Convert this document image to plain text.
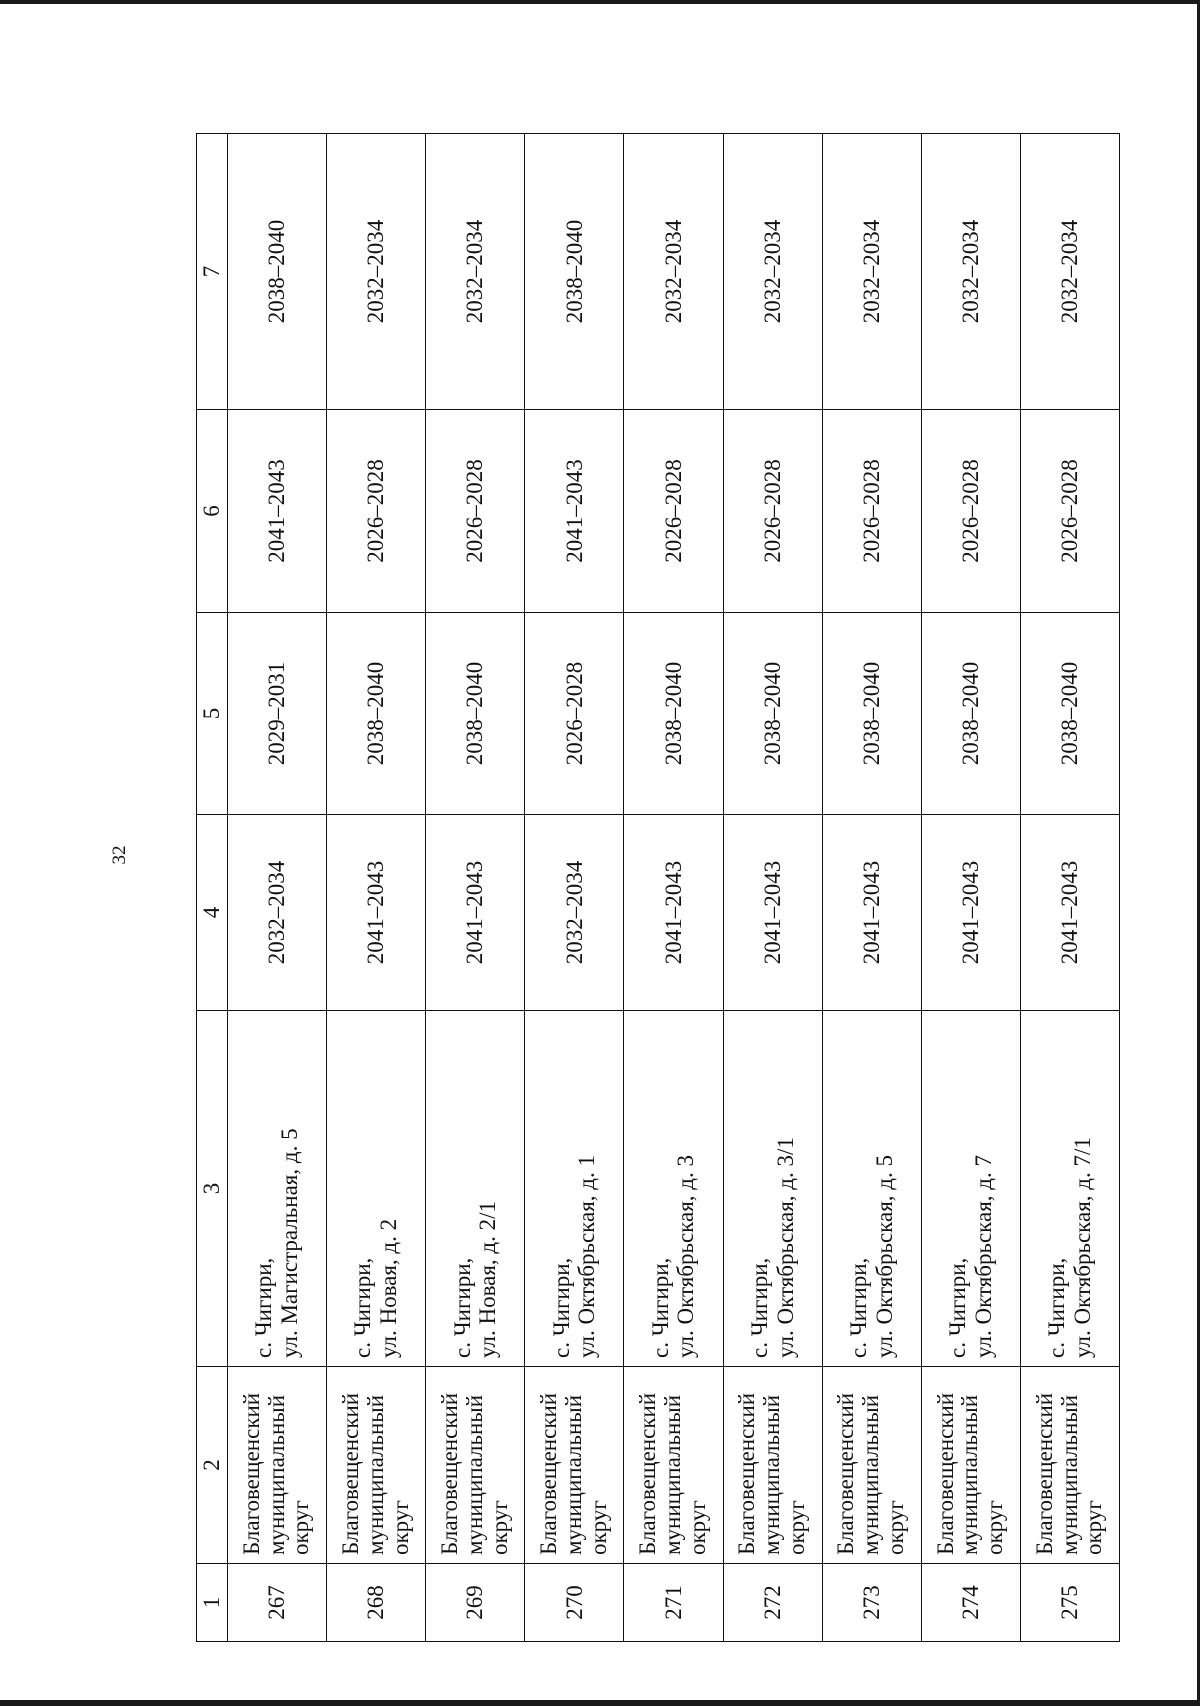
32
1	2	3	4	5	6	7
267	Благовещенский муниципальный округ	с. Чигири, ул. Магистральная, д. 5	2032–2034	2029–2031	2041–2043	2038–2040
268	Благовещенский муниципальный округ	с. Чигири, ул. Новая, д. 2	2041–2043	2038–2040	2026–2028	2032–2034
269	Благовещенский муниципальный округ	с. Чигири, ул. Новая, д. 2/1	2041–2043	2038–2040	2026–2028	2032–2034
270	Благовещенский муниципальный округ	с. Чигири, ул. Октябрьская, д. 1	2032–2034	2026–2028	2041–2043	2038–2040
271	Благовещенский муниципальный округ	с. Чигири, ул. Октябрьская, д. 3	2041–2043	2038–2040	2026–2028	2032–2034
272	Благовещенский муниципальный округ	с. Чигири, ул. Октябрьская, д. 3/1	2041–2043	2038–2040	2026–2028	2032–2034
273	Благовещенский муниципальный округ	с. Чигири, ул. Октябрьская, д. 5	2041–2043	2038–2040	2026–2028	2032–2034
274	Благовещенский муниципальный округ	с. Чигири, ул. Октябрьская, д. 7	2041–2043	2038–2040	2026–2028	2032–2034
275	Благовещенский муниципальный округ	с. Чигири, ул. Октябрьская, д. 7/1	2041–2043	2038–2040	2026–2028	2032–2034
